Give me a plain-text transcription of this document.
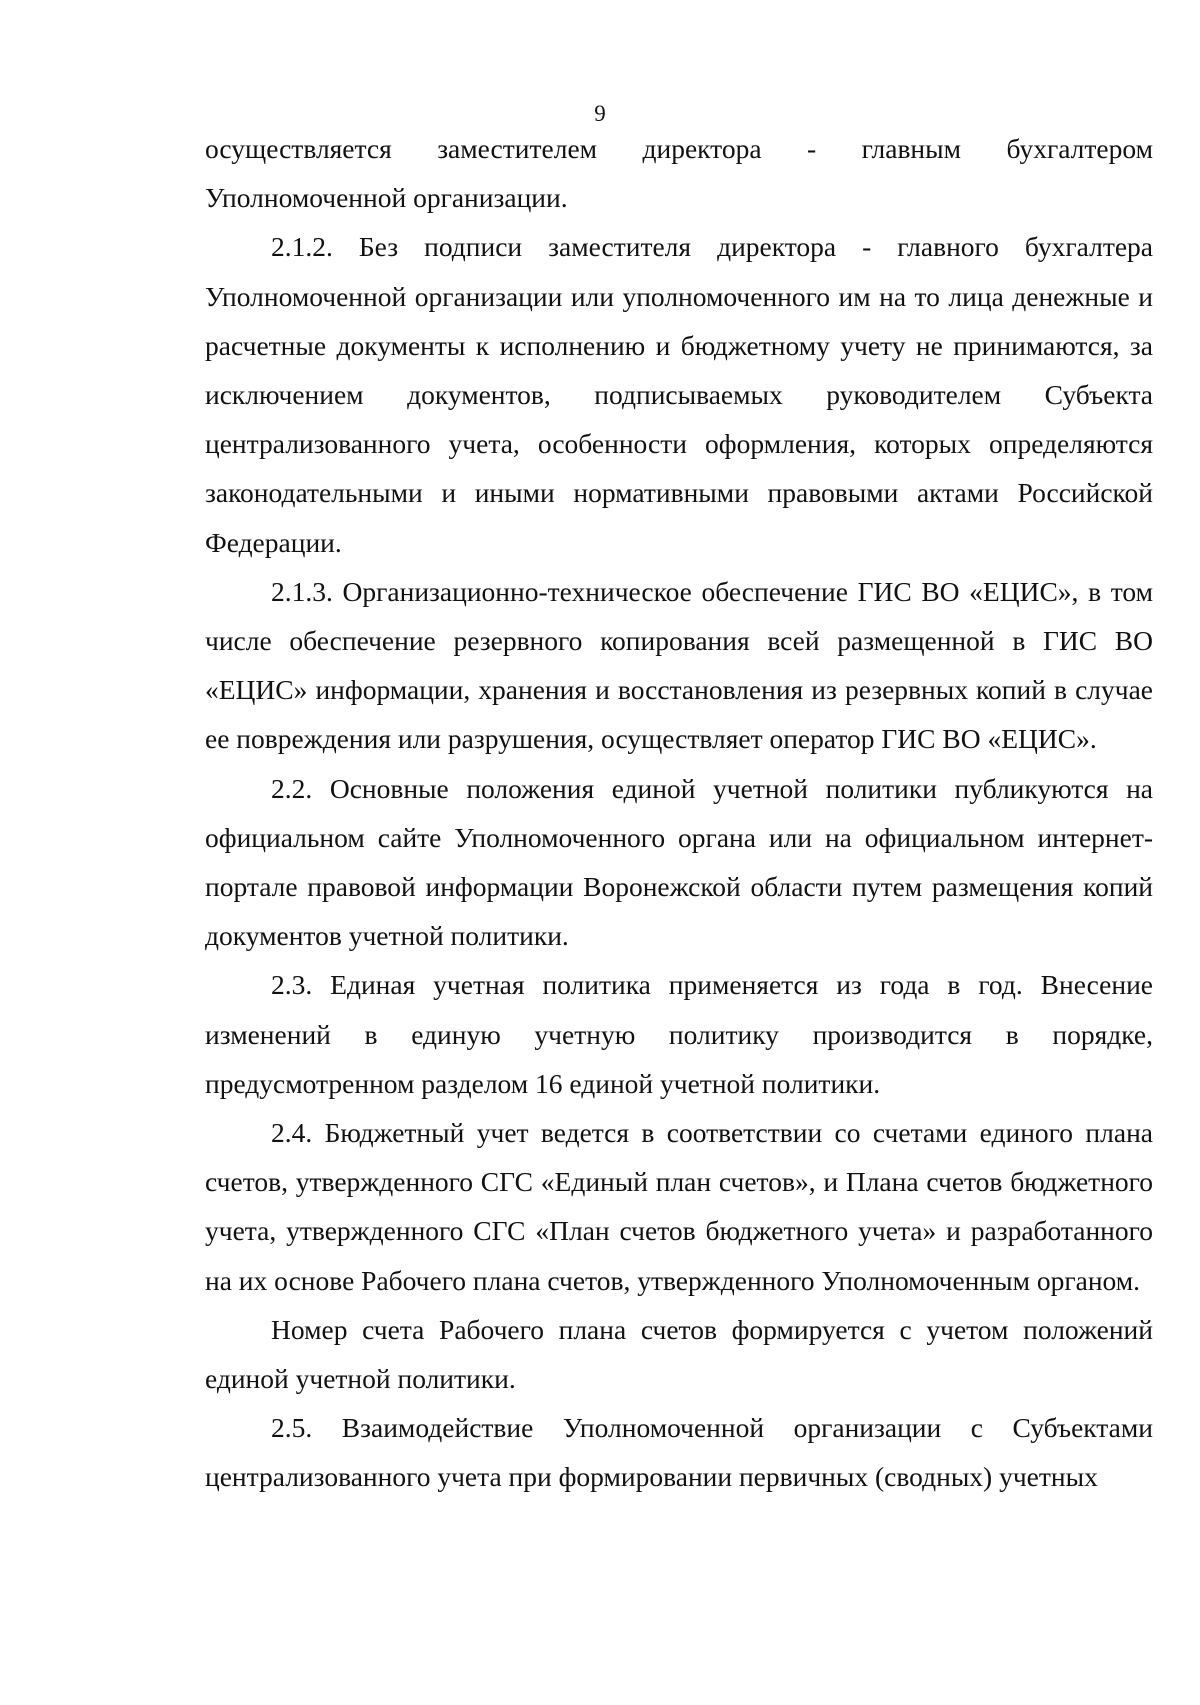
9

осуществляется заместителем директора - главным бухгалтером

Уполномоченной организации.

2.1.2. Без подписи заместителя директора - главного бухгалтера Уполномоченной организации или уполномоченного им на то лица денежные и расчетные документы к исполнению и бюджетному учету не принимаются, за исключением документов, подписываемых руководителем Субъекта централизованного учета, особенности оформления, которых определяются законодательными и иными нормативными правовыми актами Российской Федерации.

2.1.3. Организационно-техническое обеспечение ГИС ВО «ЕЦИС», в том числе обеспечение резервного копирования всей размещенной в ГИС ВО «ЕЦИС» информации, хранения и восстановления из резервных копий в случае ее повреждения или разрушения, осуществляет оператор ГИС ВО «ЕЦИС».

2.2. Основные положения единой учетной политики публикуются на официальном сайте Уполномоченного органа или на официальном интернет-портале правовой информации Воронежской области путем размещения копий документов учетной политики.

2.3. Единая учетная политика применяется из года в год. Внесение изменений в единую учетную политику производится в порядке, предусмотренном разделом 16 единой учетной политики.

2.4. Бюджетный учет ведется в соответствии со счетами единого плана счетов, утвержденного СГС «Единый план счетов», и Плана счетов бюджетного учета, утвержденного СГС «План счетов бюджетного учета» и разработанного на их основе Рабочего плана счетов, утвержденного Уполномоченным органом.

Номер счета Рабочего плана счетов формируется с учетом положений единой учетной политики.

2.5. Взаимодействие Уполномоченной организации с Субъектами централизованного учета при формировании первичных (сводных) учетных
